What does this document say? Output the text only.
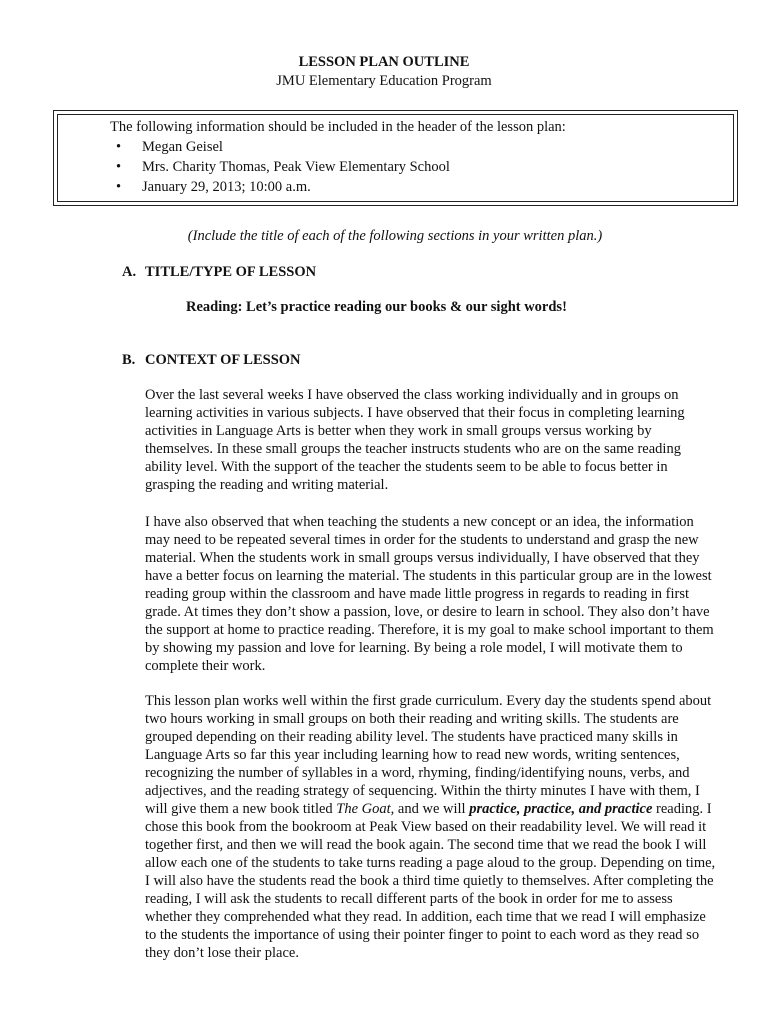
LESSON PLAN OUTLINE
JMU Elementary Education Program
The following information should be included in the header of the lesson plan:
•	Megan Geisel
•	Mrs. Charity Thomas, Peak View Elementary School
•	January 29, 2013; 10:00 a.m.
(Include the title of each of the following sections in your written plan.)
A. TITLE/TYPE OF LESSON
Reading: Let’s practice reading our books & our sight words!
B. CONTEXT OF LESSON

Over the last several weeks I have observed the class working individually and in groups on learning activities in various subjects. I have observed that their focus in completing learning activities in Language Arts is better when they work in small groups versus working by themselves. In these small groups the teacher instructs students who are on the same reading ability level. With the support of the teacher the students seem to be able to focus better in grasping the reading and writing material.

I have also observed that when teaching the students a new concept or an idea, the information may need to be repeated several times in order for the students to understand and grasp the new material. When the students work in small groups versus individually, I have observed that they have a better focus on learning the material. The students in this particular group are in the lowest reading group within the classroom and have made little progress in regards to reading in first grade. At times they don’t show a passion, love, or desire to learn in school. They also don’t have the support at home to practice reading. Therefore, it is my goal to make school important to them by showing my passion and love for learning. By being a role model, I will motivate them to complete their work.

This lesson plan works well within the first grade curriculum. Every day the students spend about two hours working in small groups on both their reading and writing skills. The students are grouped depending on their reading ability level. The students have practiced many skills in Language Arts so far this year including learning how to read new words, writing sentences, recognizing the number of syllables in a word, rhyming, finding/identifying nouns, verbs, and adjectives, and the reading strategy of sequencing. Within the thirty minutes I have with them, I will give them a new book titled The Goat, and we will practice, practice, and practice reading. I chose this book from the bookroom at Peak View based on their readability level. We will read it together first, and then we will read the book again. The second time that we read the book I will allow each one of the students to take turns reading a page aloud to the group. Depending on time, I will also have the students read the book a third time quietly to themselves. After completing the reading, I will ask the students to recall different parts of the book in order for me to assess whether they comprehended what they read. In addition, each time that we read I will emphasize to the students the importance of using their pointer finger to point to each word as they read so they don’t lose their place.
